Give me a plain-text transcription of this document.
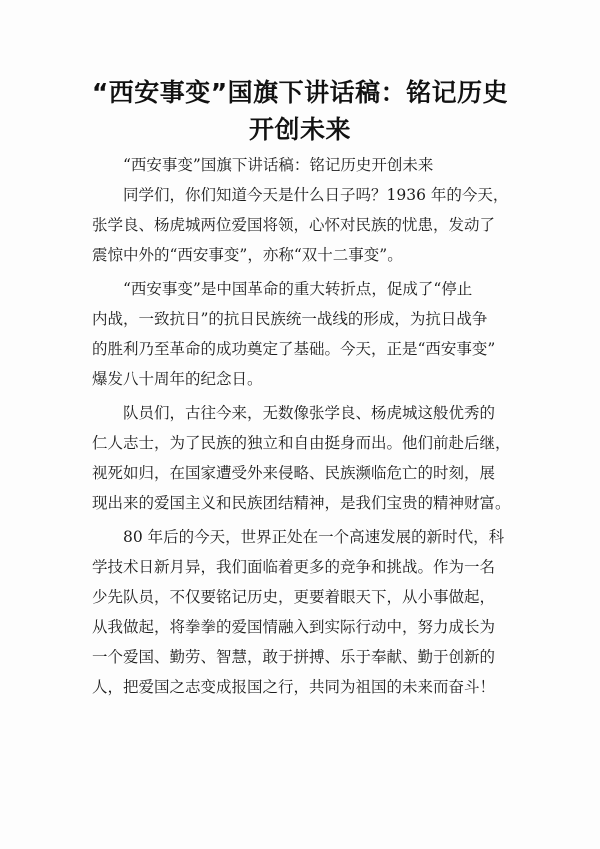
“西安事变”国旗下讲话稿：铭记历史
开创未来
“西安事变”国旗下讲话稿：铭记历史开创未来
同学们，你们知道今天是什么日子吗？1936 年的今天，
张学良、杨虎城两位爱国将领，心怀对民族的忧患，发动了
震惊中外的“西安事变”，亦称“双十二事变”。
“西安事变”是中国革命的重大转折点，促成了“停止
内战，一致抗日”的抗日民族统一战线的形成，为抗日战争
的胜利乃至革命的成功奠定了基础。今天，正是“西安事变”
爆发八十周年的纪念日。
队员们，古往今来，无数像张学良、杨虎城这般优秀的
仁人志士，为了民族的独立和自由挺身而出。他们前赴后继，
视死如归，在国家遭受外来侵略、民族濒临危亡的时刻，展
现出来的爱国主义和民族团结精神，是我们宝贵的精神财富。
80 年后的今天，世界正处在一个高速发展的新时代，科
学技术日新月异，我们面临着更多的竞争和挑战。作为一名
少先队员，不仅要铭记历史，更要着眼天下，从小事做起，
从我做起，将拳拳的爱国情融入到实际行动中，努力成长为
一个爱国、勤劳、智慧，敢于拼搏、乐于奉献、勤于创新的
人，把爱国之志变成报国之行，共同为祖国的未来而奋斗！
